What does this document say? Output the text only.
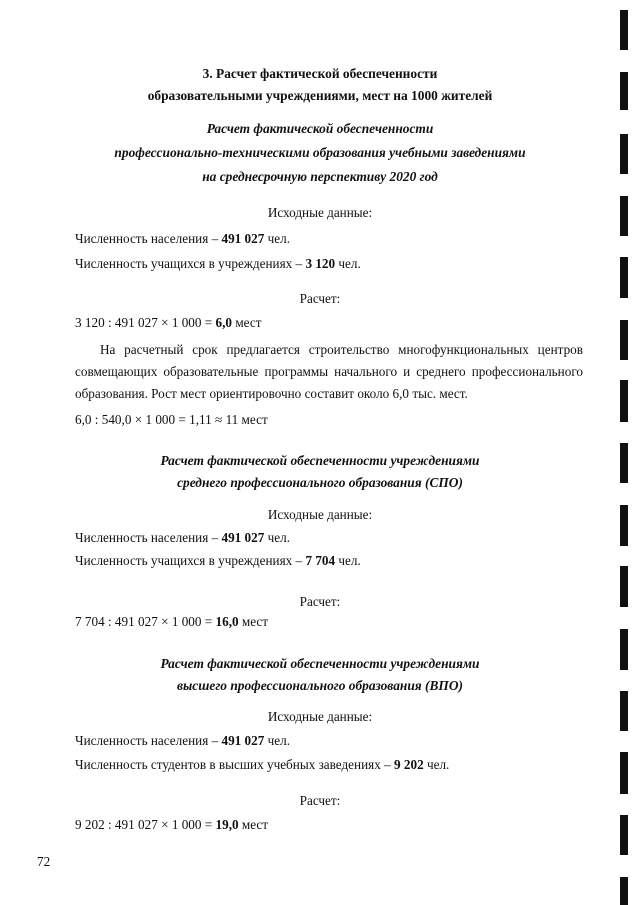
3. Расчет фактической обеспеченности
образовательными учреждениями, мест на 1000 жителей
Расчет фактической обеспеченности
профессионально-техническими образования учебными заведениями
на среднесрочную перспективу 2020 год
Исходные данные:
Численность населения – 491 027 чел.
Численность учащихся в учреждениях – 3 120 чел.
Расчет:
3 120 : 491 027 × 1 000 = 6,0 мест
На расчетный срок предлагается строительство многофункциональных центров совмещающих образовательные программы начального и среднего профессионального образования. Рост мест ориентировочно составит около 6,0 тыс. мест.
6,0 : 540,0 × 1 000 = 1,11 ≈ 11 мест
Расчет фактической обеспеченности учреждениями
среднего профессионального образования (СПО)
Исходные данные:
Численность населения – 491 027 чел.
Численность учащихся в учреждениях – 7 704 чел.
Расчет:
7 704 : 491 027 × 1 000 = 16,0 мест
Расчет фактической обеспеченности учреждениями
высшего профессионального образования (ВПО)
Исходные данные:
Численность населения – 491 027 чел.
Численность студентов в высших учебных заведениях – 9 202 чел.
Расчет:
9 202 : 491 027 × 1 000 = 19,0 мест
72
